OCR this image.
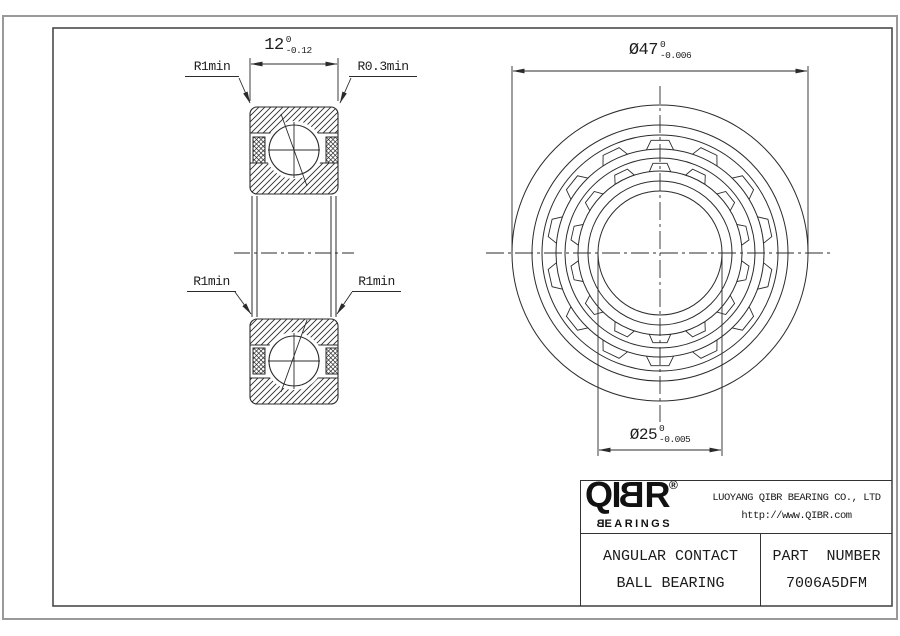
12 0
-0.12	Ø47 0
-0.006
Ø25 0
-0.005
R1min	R0.3min
R1min	R1min
QIBR®
BEARINGS
LUOYANG QIBR BEARING CO., LTD
http://www.QIBR.com
ANGULAR CONTACT
BALL BEARING
PART  NUMBER
7006A5DFM
